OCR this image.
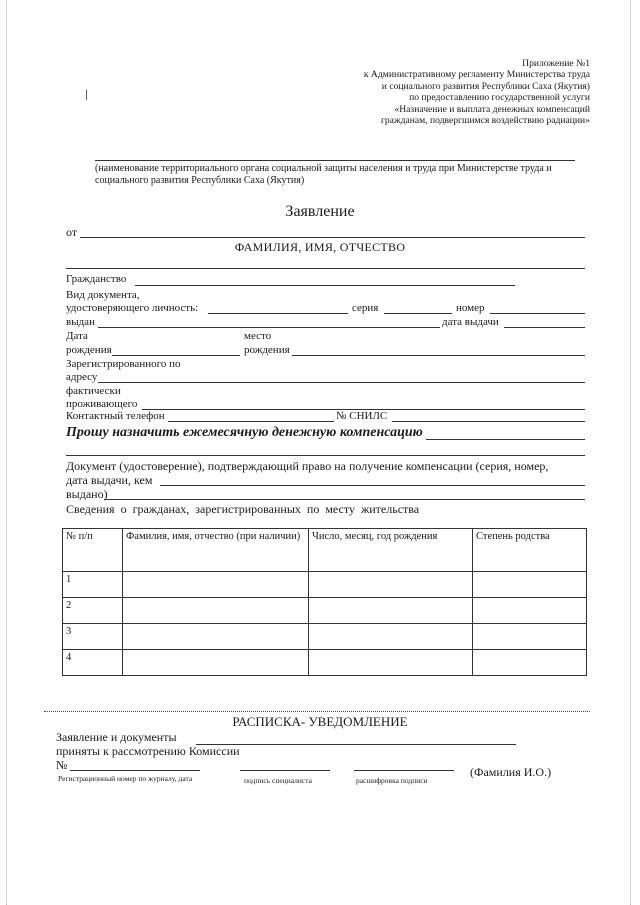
Приложение №1
к Административному регламенту Министерства труда
и социального развития Республики Саха (Якутия)
по предоставлению государственной услуги
«Назначение и выплата денежных компенсаций
гражданам, подвергшимся воздействию радиации»
(наименование территориального органа социальной защиты населения и труда при Министерстве труда и социального развития Республики Саха (Якутия)
Заявление
от
ФАМИЛИЯ, ИМЯ, ОТЧЕСТВО
Гражданство
Вид документа,
удостоверяющего личность:	серия	номер
выдан	дата выдачи
Дата	место
рождения	рождения
Зарегистрированного по
адресу
фактически
проживающего
Контактный телефон	№ СНИЛС
Прошу назначить ежемесячную денежную компенсацию
Документ (удостоверение), подтверждающий право на получение компенсации (серия, номер,
дата выдачи, кем
выдано)
Сведения о гражданах, зарегистрированных по месту жительства
№ п/п	Фамилия, имя, отчество (при наличии)	Число, месяц, год рождения	Степень родства
1			
2			
3			
4			
РАСПИСКА- УВЕДОМЛЕНИЕ
Заявление и документы
приняты к рассмотрению Комиссии
№	(Фамилия И.О.)
Регистрационный номер по журналу, дата	подпись специалиста	расшифровка подписи
